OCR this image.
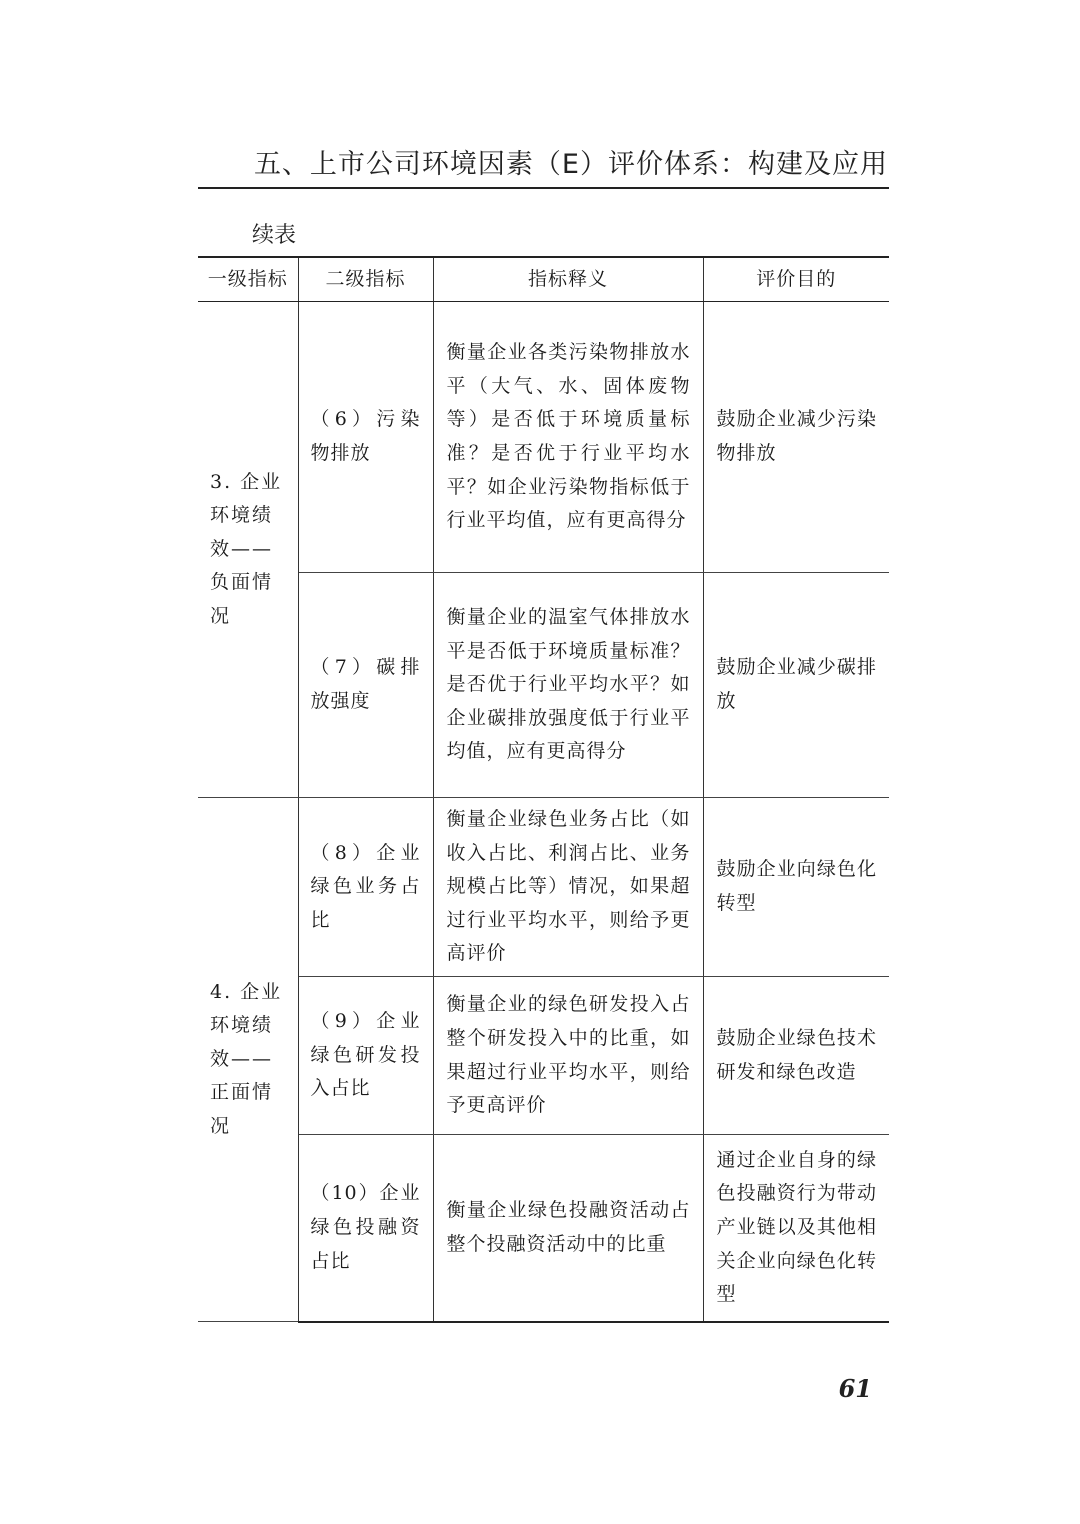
五、上市公司环境因素（E）评价体系：构建及应用
续表
一级指标	二级指标	指标释义	评价目的

3. 企业环境绩效——负面情况	（6）污染物排放	衡量企业各类污染物排放水平（大气、水、固体废物等）是否低于环境质量标准？是否优于行业平均水平？如企业污染物指标低于行业平均值，应有更高得分	鼓励企业减少污染物排放

	（7）碳排放强度	衡量企业的温室气体排放水平是否低于环境质量标准？是否优于行业平均水平？如企业碳排放强度低于行业平均值，应有更高得分	鼓励企业减少碳排放

4. 企业环境绩效——正面情况	（8）企业绿色业务占比	衡量企业绿色业务占比（如收入占比、利润占比、业务规模占比等）情况，如果超过行业平均水平，则给予更高评价	鼓励企业向绿色化转型

	（9）企业绿色研发投入占比	衡量企业的绿色研发投入占整个研发投入中的比重，如果超过行业平均水平，则给予更高评价	鼓励企业绿色技术研发和绿色改造

	（10）企业绿色投融资占比	衡量企业绿色投融资活动占整个投融资活动中的比重	通过企业自身的绿色投融资行为带动产业链以及其他相关企业向绿色化转型
61
